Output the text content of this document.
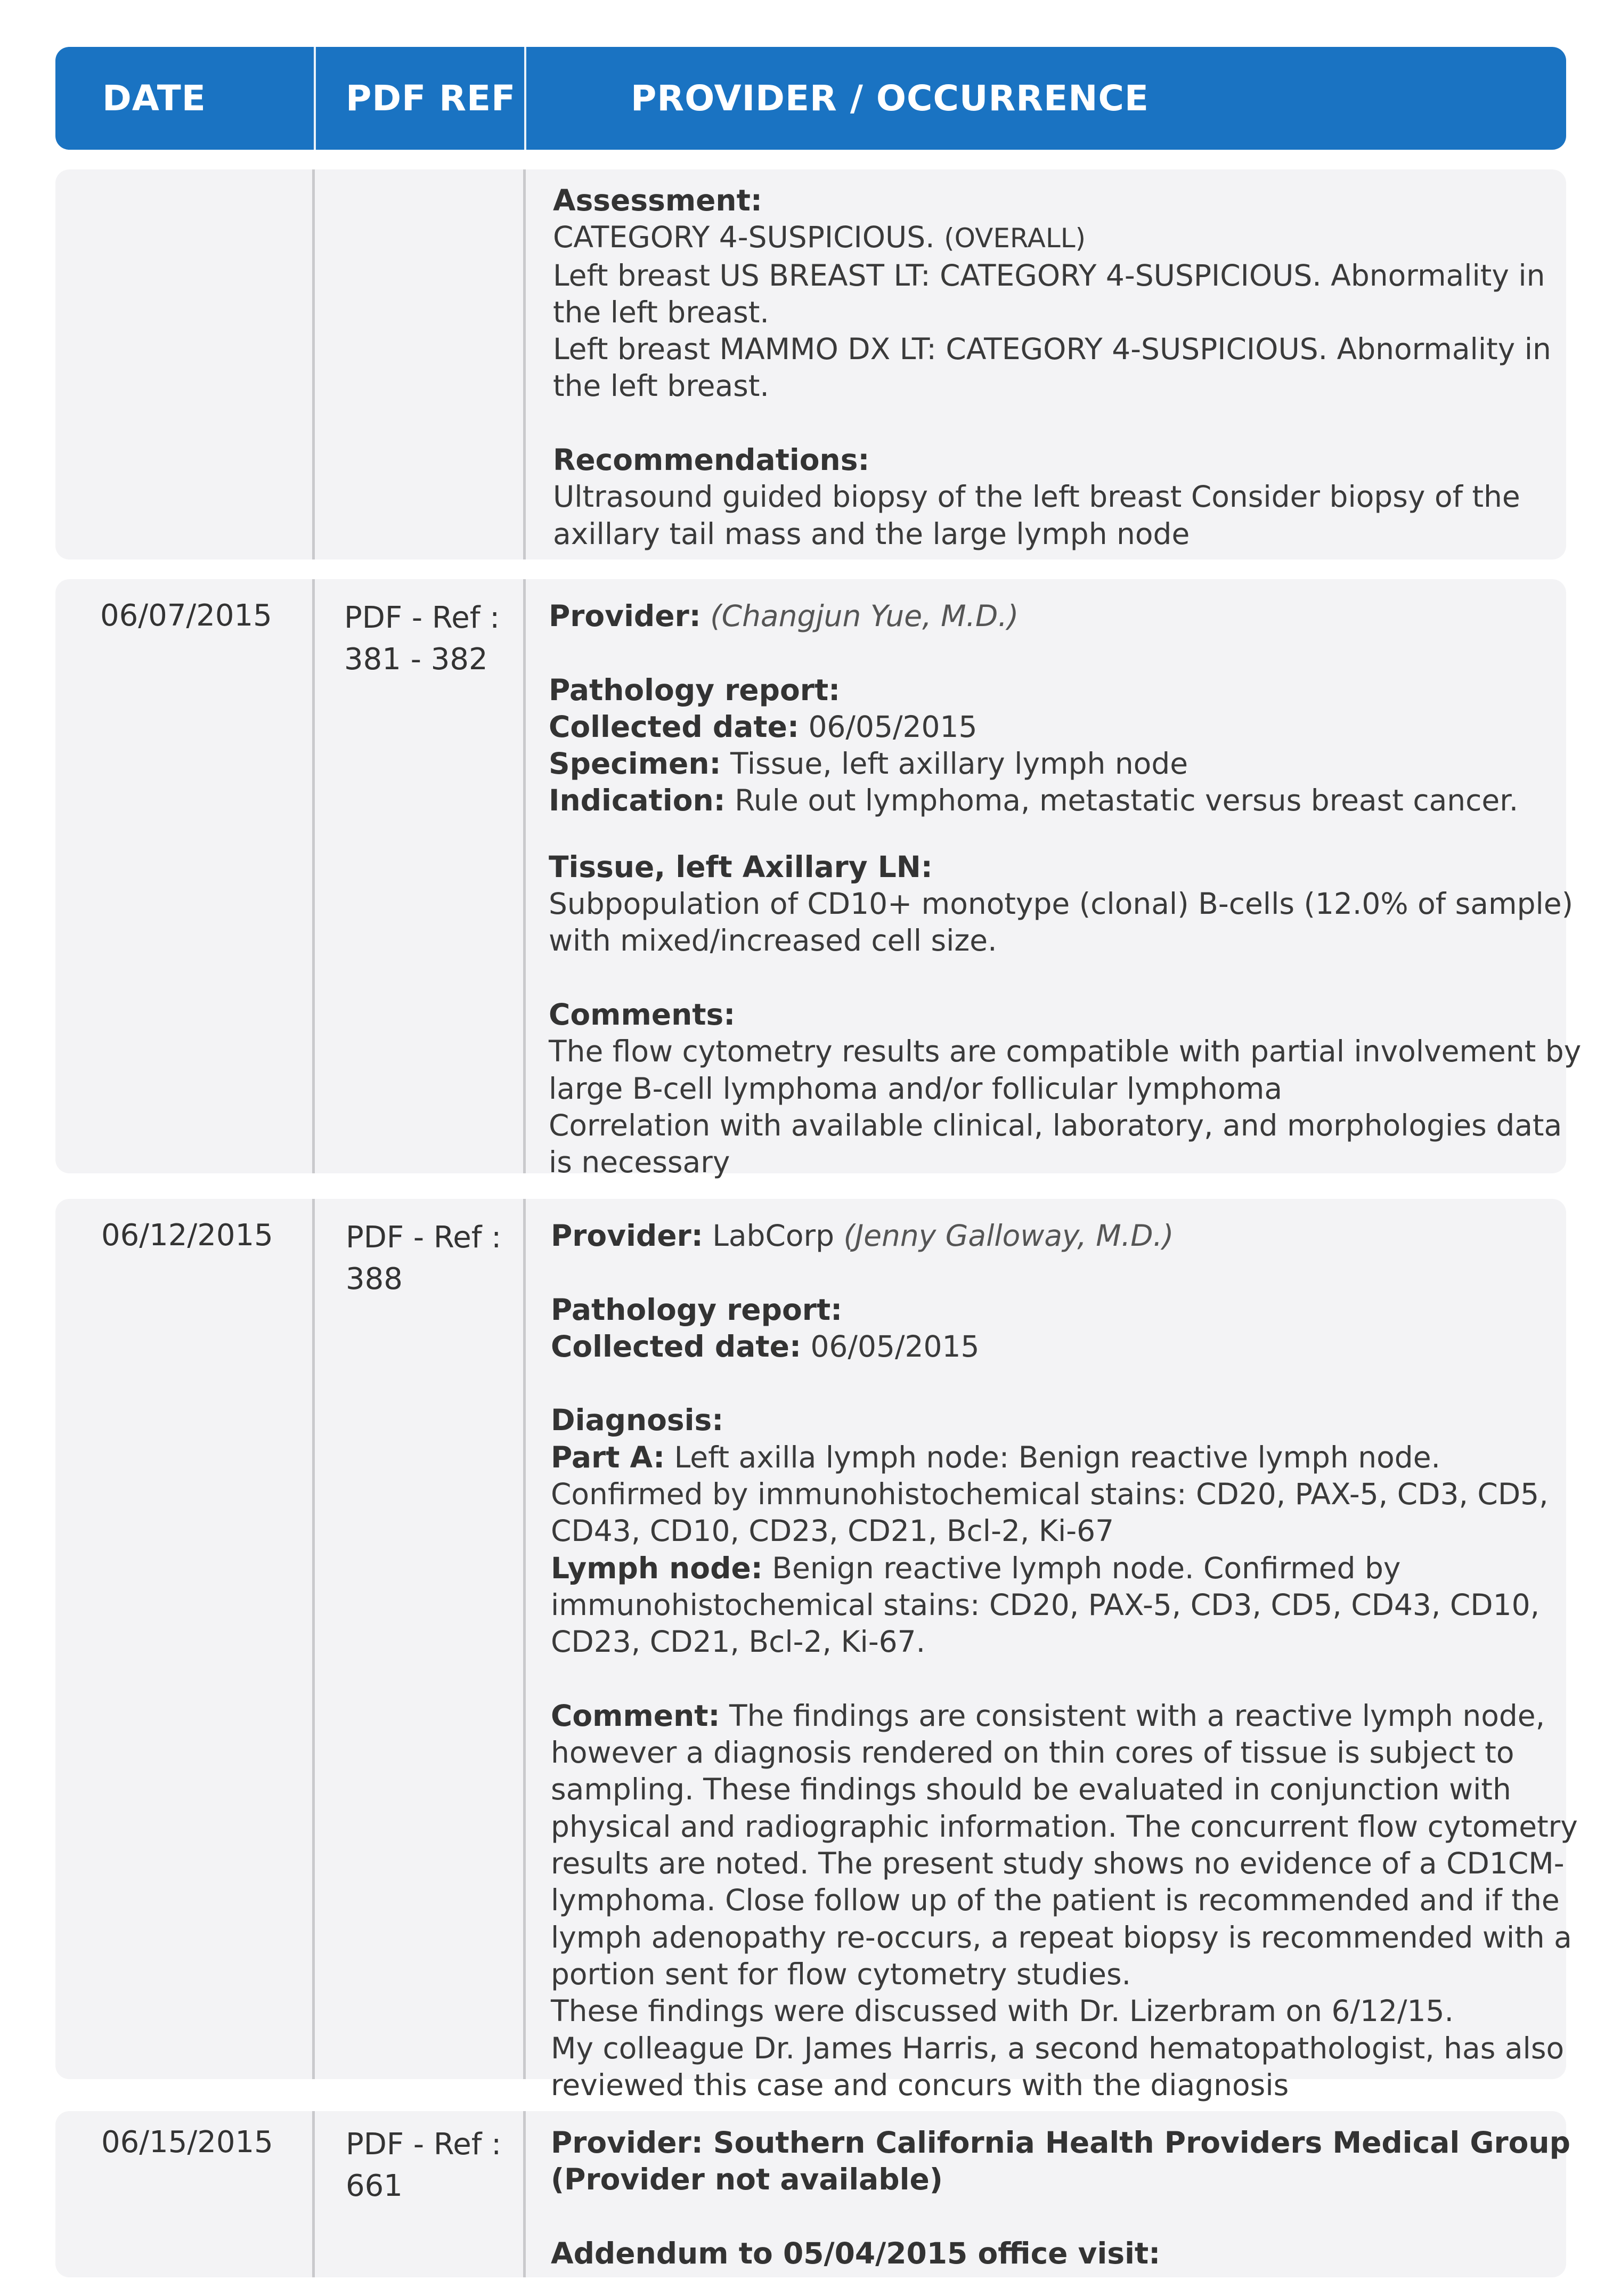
DATE	PDF REF	PROVIDER / OCCURRENCE
Assessment:
CATEGORY 4-SUSPICIOUS. (OVERALL)
Left breast US BREAST LT: CATEGORY 4-SUSPICIOUS. Abnormality in
the left breast.
Left breast MAMMO DX LT: CATEGORY 4-SUSPICIOUS. Abnormality in
the left breast.
Recommendations:
Ultrasound guided biopsy of the left breast Consider biopsy of the
axillary tail mass and the large lymph node
06/07/2015 PDF - Ref :
381 - 382
Provider: (Changjun Yue, M.D.)
Pathology report:
Collected date: 06/05/2015
Specimen: Tissue, left axillary lymph node
Indication: Rule out lymphoma, metastatic versus breast cancer.
Tissue, left Axillary LN:
Subpopulation of CD10+ monotype (clonal) B-cells (12.0% of sample)
with mixed/increased cell size.
Comments:
The flow cytometry results are compatible with partial involvement by
large B-cell lymphoma and/or follicular lymphoma
Correlation with available clinical, laboratory, and morphologies data
is necessary
06/12/2015 PDF - Ref :
388
Provider: LabCorp (Jenny Galloway, M.D.)
Pathology report:
Collected date: 06/05/2015
Diagnosis:
Part A: Left axilla lymph node: Benign reactive lymph node.
Confirmed by immunohistochemical stains: CD20, PAX-5, CD3, CD5,
CD43, CD10, CD23, CD21, Bcl-2, Ki-67
Lymph node: Benign reactive lymph node. Confirmed by
immunohistochemical stains: CD20, PAX-5, CD3, CD5, CD43, CD10,
CD23, CD21, Bcl-2, Ki-67.
Comment: The findings are consistent with a reactive lymph node,
however a diagnosis rendered on thin cores of tissue is subject to
sampling. These findings should be evaluated in conjunction with
physical and radiographic information. The concurrent flow cytometry
results are noted. The present study shows no evidence of a CD1CM-
lymphoma. Close follow up of the patient is recommended and if the
lymph adenopathy re-occurs, a repeat biopsy is recommended with a
portion sent for flow cytometry studies.
These findings were discussed with Dr. Lizerbram on 6/12/15.
My colleague Dr. James Harris, a second hematopathologist, has also
reviewed this case and concurs with the diagnosis
06/15/2015 PDF - Ref :
661
Provider: Southern California Health Providers Medical Group
(Provider not available)
Addendum to 05/04/2015 office visit:
